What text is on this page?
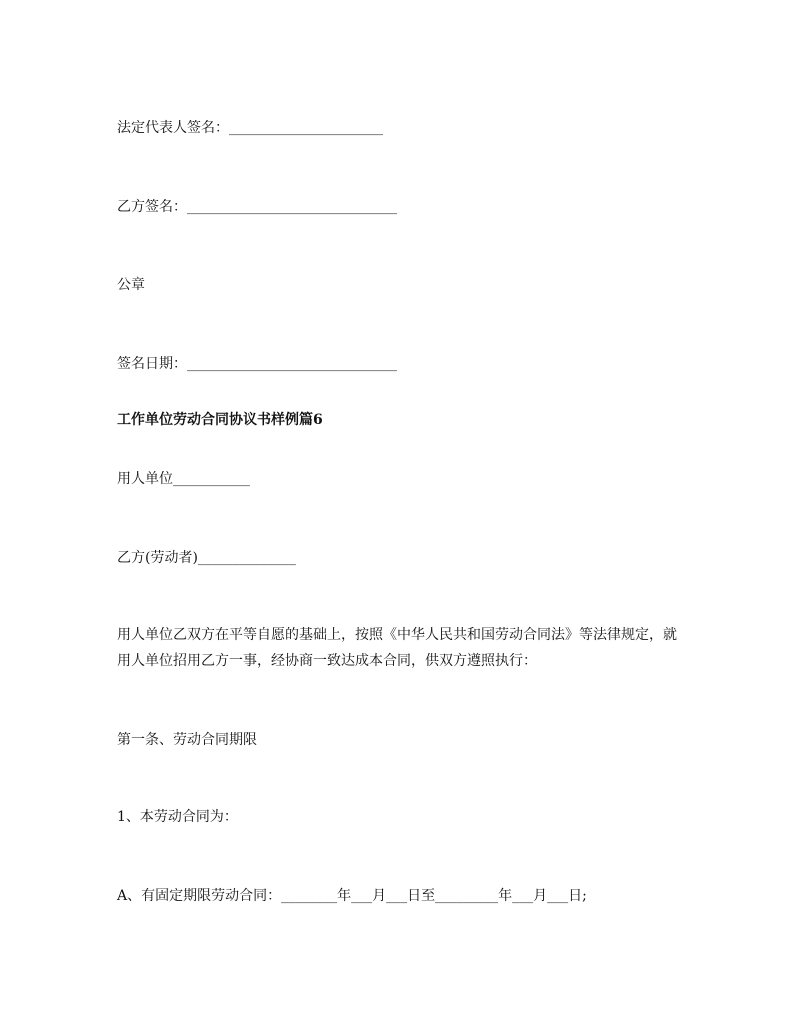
法定代表人签名：______________________
乙方签名：______________________________
公章
签名日期：______________________________
工作单位劳动合同协议书样例篇6
用人单位___________
乙方(劳动者)______________
用人单位乙双方在平等自愿的基础上，按照《中华人民共和国劳动合同法》等法律规定，就用人单位招用乙方一事，经协商一致达成本合同，供双方遵照执行：
第一条、劳动合同期限
1、本劳动合同为：
A、有固定期限劳动合同：________年___月___日至_________年___月___日;
